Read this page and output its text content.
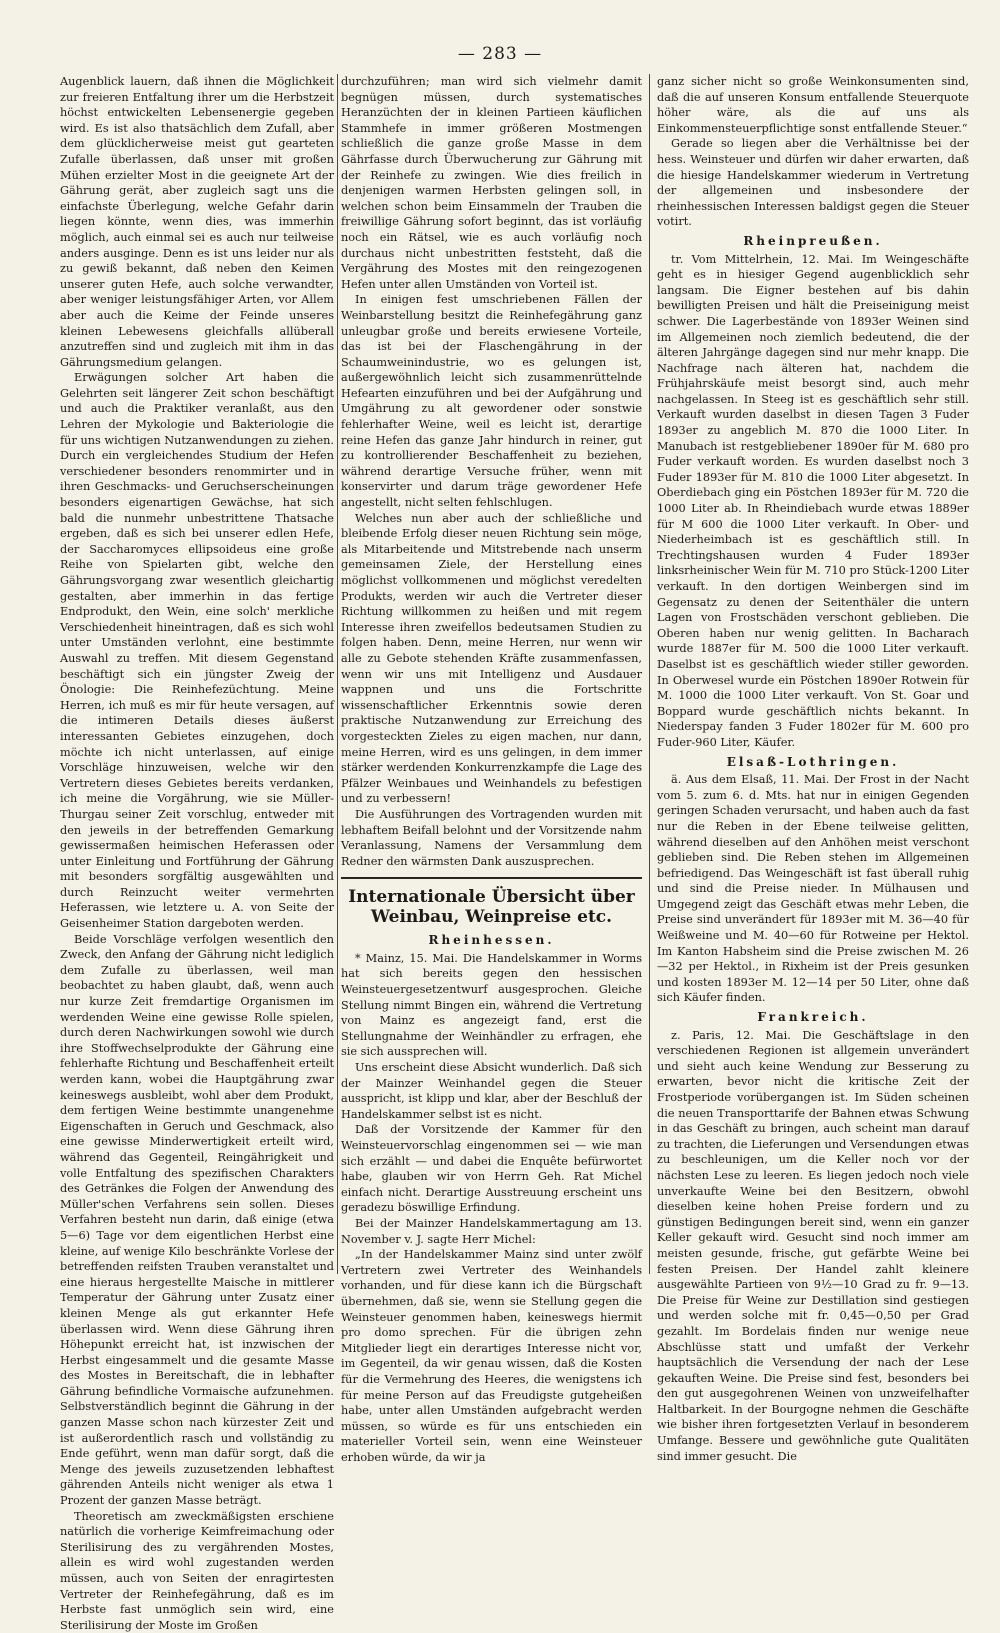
— 283 —

Augenblick lauern, daß ihnen die Möglichkeit zur freieren Entfaltung ihrer um die Herbstzeit höchst entwickelten Lebensenergie gegeben wird. Es ist also thatsächlich dem Zufall, aber dem glücklicherweise meist gut gearteten Zufalle überlassen, daß unser mit großen Mühen erzielter Most in die geeignete Art der Gährung gerät, aber zugleich sagt uns die einfachste Überlegung, welche Gefahr darin liegen könnte, wenn dies, was immerhin möglich, auch einmal sei es auch nur teilweise anders ausginge. Denn es ist uns leider nur als zu gewiß bekannt, daß neben den Keimen unserer guten Hefe, auch solche verwandter, aber weniger leistungsfähiger Arten, vor Allem aber auch die Keime der Feinde unseres kleinen Lebewesens gleichfalls allüberall anzutreffen sind und zugleich mit ihm in das Gährungsmedium gelangen.

Erwägungen solcher Art haben die Gelehrten seit längerer Zeit schon beschäftigt und auch die Praktiker veranlaßt, aus den Lehren der Mykologie und Bakteriologie die für uns wichtigen Nutzanwendungen zu ziehen. Durch ein vergleichendes Studium der Hefen verschiedener besonders renommirter und in ihren Geschmacks- und Geruchserscheinungen besonders eigenartigen Gewächse, hat sich bald die nunmehr unbestrittene Thatsache ergeben, daß es sich bei unserer edlen Hefe, der Saccharomyces ellipsoideus eine große Reihe von Spielarten gibt, welche den Gährungsvorgang zwar wesentlich gleichartig gestalten, aber immerhin in das fertige Endprodukt, den Wein, eine solch' merkliche Verschiedenheit hineintragen, daß es sich wohl unter Umständen verlohnt, eine bestimmte Auswahl zu treffen. Mit diesem Gegenstand beschäftigt sich ein jüngster Zweig der Önologie: Die Reinhefezüchtung. Meine Herren, ich muß es mir für heute versagen, auf die intimeren Details dieses äußerst interessanten Gebietes einzugehen, doch möchte ich nicht unterlassen, auf einige Vorschläge hinzuweisen, welche wir den Vertretern dieses Gebietes bereits verdanken, ich meine die Vorgährung, wie sie Müller-Thurgau seiner Zeit vorschlug, entweder mit den jeweils in der betreffenden Gemarkung gewissermaßen heimischen Heferassen oder unter Einleitung und Fortführung der Gährung mit besonders sorgfältig ausgewählten und durch Reinzucht weiter vermehrten Heferassen, wie letztere u. A. von Seite der Geisenheimer Station dargeboten werden.

Beide Vorschläge verfolgen wesentlich den Zweck, den Anfang der Gährung nicht lediglich dem Zufalle zu überlassen, weil man beobachtet zu haben glaubt, daß, wenn auch nur kurze Zeit fremdartige Organismen im werdenden Weine eine gewisse Rolle spielen, durch deren Nachwirkungen sowohl wie durch ihre Stoffwechselprodukte der Gährung eine fehlerhafte Richtung und Beschaffenheit erteilt werden kann, wobei die Hauptgährung zwar keineswegs ausbleibt, wohl aber dem Produkt, dem fertigen Weine bestimmte unangenehme Eigenschaften in Geruch und Geschmack, also eine gewisse Minderwertigkeit erteilt wird, während das Gegenteil, Reingährigkeit und volle Entfaltung des spezifischen Charakters des Getränkes die Folgen der Anwendung des Müller'schen Verfahrens sein sollen. Dieses Verfahren besteht nun darin, daß einige (etwa 5—6) Tage vor dem eigentlichen Herbst eine kleine, auf wenige Kilo beschränkte Vorlese der betreffenden reifsten Trauben veranstaltet und eine hieraus hergestellte Maische in mittlerer Temperatur der Gährung unter Zusatz einer kleinen Menge als gut erkannter Hefe überlassen wird. Wenn diese Gährung ihren Höhepunkt erreicht hat, ist inzwischen der Herbst eingesammelt und die gesamte Masse des Mostes in Bereitschaft, die in lebhafter Gährung befindliche Vormaische aufzunehmen. Selbstverständlich beginnt die Gährung in der ganzen Masse schon nach kürzester Zeit und ist außerordentlich rasch und vollständig zu Ende geführt, wenn man dafür sorgt, daß die Menge des jeweils zuzusetzenden lebhaftest gährenden Anteils nicht weniger als etwa 1 Prozent der ganzen Masse beträgt.

Theoretisch am zweckmäßigsten erschiene natürlich die vorherige Keimfreimachung oder Sterilisirung des zu vergährenden Mostes, allein es wird wohl zugestanden werden müssen, auch von Seiten der enragirtesten Vertreter der Reinhefegährung, daß es im Herbste fast unmöglich sein wird, eine Sterilisirung der Moste im Großen

durchzuführen; man wird sich vielmehr damit begnügen müssen, durch systematisches Heranzüchten der in kleinen Partieen käuflichen Stammhefe in immer größeren Mostmengen schließlich die ganze große Masse in dem Gährfasse durch Überwucherung zur Gährung mit der Reinhefe zu zwingen. Wie dies freilich in denjenigen warmen Herbsten gelingen soll, in welchen schon beim Einsammeln der Trauben die freiwillige Gährung sofort beginnt, das ist vorläufig noch ein Rätsel, wie es auch vorläufig noch durchaus nicht unbestritten feststeht, daß die Vergährung des Mostes mit den reingezogenen Hefen unter allen Umständen von Vorteil ist.

In einigen fest umschriebenen Fällen der Weinbarstellung besitzt die Reinhefegährung ganz unleugbar große und bereits erwiesene Vorteile, das ist bei der Flaschengährung in der Schaumweinindustrie, wo es gelungen ist, außergewöhnlich leicht sich zusammenrüttelnde Hefearten einzuführen und bei der Aufgährung und Umgährung zu alt gewordener oder sonstwie fehlerhafter Weine, weil es leicht ist, derartige reine Hefen das ganze Jahr hindurch in reiner, gut zu kontrollierender Beschaffenheit zu beziehen, während derartige Versuche früher, wenn mit konservirter und darum träge gewordener Hefe angestellt, nicht selten fehlschlugen.

Welches nun aber auch der schließliche und bleibende Erfolg dieser neuen Richtung sein möge, als Mitarbeitende und Mitstrebende nach unserm gemeinsamen Ziele, der Herstellung eines möglichst vollkommenen und möglichst veredelten Produkts, werden wir auch die Vertreter dieser Richtung willkommen zu heißen und mit regem Interesse ihren zweifellos bedeutsamen Studien zu folgen haben. Denn, meine Herren, nur wenn wir alle zu Gebote stehenden Kräfte zusammenfassen, wenn wir uns mit Intelligenz und Ausdauer wappnen und uns die Fortschritte wissenschaftlicher Erkenntnis sowie deren praktische Nutzanwendung zur Erreichung des vorgesteckten Zieles zu eigen machen, nur dann, meine Herren, wird es uns gelingen, in dem immer stärker werdenden Konkurrenzkampfe die Lage des Pfälzer Weinbaues und Weinhandels zu befestigen und zu verbessern!

Die Ausführungen des Vortragenden wurden mit lebhaftem Beifall belohnt und der Vorsitzende nahm Veranlassung, Namens der Versammlung dem Redner den wärmsten Dank auszusprechen.

Internationale Übersicht über Weinbau, Weinpreise etc.
Rheinhessen.

* Mainz, 15. Mai. Die Handelskammer in Worms hat sich bereits gegen den hessischen Weinsteuergesetzentwurf ausgesprochen. Gleiche Stellung nimmt Bingen ein, während die Vertretung von Mainz es angezeigt fand, erst die Stellungnahme der Weinhändler zu erfragen, ehe sie sich aussprechen will.

Uns erscheint diese Absicht wunderlich. Daß sich der Mainzer Weinhandel gegen die Steuer ausspricht, ist klipp und klar, aber der Beschluß der Handelskammer selbst ist es nicht.

Daß der Vorsitzende der Kammer für den Weinsteuervorschlag eingenommen sei — wie man sich erzählt — und dabei die Enquête befürwortet habe, glauben wir von Herrn Geh. Rat Michel einfach nicht. Derartige Ausstreuung erscheint uns geradezu böswillige Erfindung.

Bei der Mainzer Handelskammertagung am 13. November v. J. sagte Herr Michel:

„In der Handelskammer Mainz sind unter zwölf Vertretern zwei Vertreter des Weinhandels vorhanden, und für diese kann ich die Bürgschaft übernehmen, daß sie, wenn sie Stellung gegen die Weinsteuer genommen haben, keineswegs hiermit pro domo sprechen. Für die übrigen zehn Mitglieder liegt ein derartiges Interesse nicht vor, im Gegenteil, da wir genau wissen, daß die Kosten für die Vermehrung des Heeres, die wenigstens ich für meine Person auf das Freudigste gutgeheißen habe, unter allen Umständen aufgebracht werden müssen, so würde es für uns entschieden ein materieller Vorteil sein, wenn eine Weinsteuer erhoben würde, da wir ja

ganz sicher nicht so große Weinkonsumenten sind, daß die auf unseren Konsum entfallende Steuerquote höher wäre, als die auf uns als Einkommensteuerpflichtige sonst entfallende Steuer.“

Gerade so liegen aber die Verhältnisse bei der hess. Weinsteuer und dürfen wir daher erwarten, daß die hiesige Handelskammer wiederum in Vertretung der allgemeinen und insbesondere der rheinhessischen Interessen baldigst gegen die Steuer votirt.

Rheinpreußen.

tr. Vom Mittelrhein, 12. Mai. Im Weingeschäfte geht es in hiesiger Gegend augenblicklich sehr langsam. Die Eigner bestehen auf bis dahin bewilligten Preisen und hält die Preiseinigung meist schwer. Die Lagerbestände von 1893er Weinen sind im Allgemeinen noch ziemlich bedeutend, die der älteren Jahrgänge dagegen sind nur mehr knapp. Die Nachfrage nach älteren hat, nachdem die Frühjahrskäufe meist besorgt sind, auch mehr nachgelassen. In Steeg ist es geschäftlich sehr still. Verkauft wurden daselbst in diesen Tagen 3 Fuder 1893er zu angeblich M. 870 die 1000 Liter. In Manubach ist restgebliebener 1890er für M. 680 pro Fuder verkauft worden. Es wurden daselbst noch 3 Fuder 1893er für M. 810 die 1000 Liter abgesetzt. In Oberdiebach ging ein Pöstchen 1893er für M. 720 die 1000 Liter ab. In Rheindiebach wurde etwas 1889er für M 600 die 1000 Liter verkauft. In Ober- und Niederheimbach ist es geschäftlich still. In Trechtingshausen wurden 4 Fuder 1893er linksrheinischer Wein für M. 710 pro Stück-1200 Liter verkauft. In den dortigen Weinbergen sind im Gegensatz zu denen der Seitenthäler die untern Lagen von Frostschäden verschont geblieben. Die Oberen haben nur wenig gelitten. In Bacharach wurde 1887er für M. 500 die 1000 Liter verkauft. Daselbst ist es geschäftlich wieder stiller geworden. In Oberwesel wurde ein Pöstchen 1890er Rotwein für M. 1000 die 1000 Liter verkauft. Von St. Goar und Boppard wurde geschäftlich nichts bekannt. In Niederspay fanden 3 Fuder 1802er für M. 600 pro Fuder-960 Liter, Käufer.

Elsaß-Lothringen.

ä. Aus dem Elsaß, 11. Mai. Der Frost in der Nacht vom 5. zum 6. d. Mts. hat nur in einigen Gegenden geringen Schaden verursacht, und haben auch da fast nur die Reben in der Ebene teilweise gelitten, während dieselben auf den Anhöhen meist verschont geblieben sind. Die Reben stehen im Allgemeinen befriedigend. Das Weingeschäft ist fast überall ruhig und sind die Preise nieder. In Mülhausen und Umgegend zeigt das Geschäft etwas mehr Leben, die Preise sind unverändert für 1893er mit M. 36—40 für Weißweine und M. 40—60 für Rotweine per Hektol. Im Kanton Habsheim sind die Preise zwischen M. 26—32 per Hektol., in Rixheim ist der Preis gesunken und kosten 1893er M. 12—14 per 50 Liter, ohne daß sich Käufer finden.

Frankreich.

z. Paris, 12. Mai. Die Geschäftslage in den verschiedenen Regionen ist allgemein unverändert und sieht auch keine Wendung zur Besserung zu erwarten, bevor nicht die kritische Zeit der Frostperiode vorübergangen ist. Im Süden scheinen die neuen Transporttarife der Bahnen etwas Schwung in das Geschäft zu bringen, auch scheint man darauf zu trachten, die Lieferungen und Versendungen etwas zu beschleunigen, um die Keller noch vor der nächsten Lese zu leeren. Es liegen jedoch noch viele unverkaufte Weine bei den Besitzern, obwohl dieselben keine hohen Preise fordern und zu günstigen Bedingungen bereit sind, wenn ein ganzer Keller gekauft wird. Gesucht sind noch immer am meisten gesunde, frische, gut gefärbte Weine bei festen Preisen. Der Handel zahlt kleinere ausgewählte Partieen von 9½—10 Grad zu fr. 9—13. Die Preise für Weine zur Destillation sind gestiegen und werden solche mit fr. 0,45—0,50 per Grad gezahlt. Im Bordelais finden nur wenige neue Abschlüsse statt und umfaßt der Verkehr hauptsächlich die Versendung der nach der Lese gekauften Weine. Die Preise sind fest, besonders bei den gut ausgegohrenen Weinen von unzweifelhafter Haltbarkeit. In der Bourgogne nehmen die Geschäfte wie bisher ihren fortgesetzten Verlauf in besonderem Umfange. Bessere und gewöhnliche gute Qualitäten sind immer gesucht. Die
